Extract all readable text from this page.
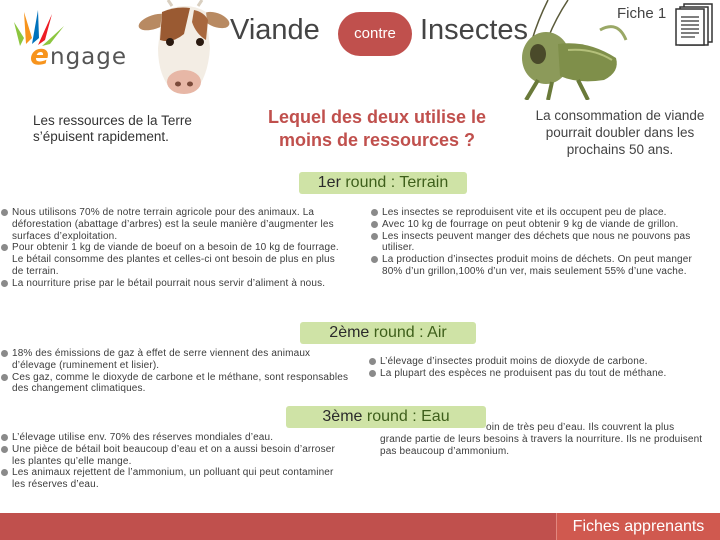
engage
Viande	contre Insectes
Fiche 1
Les ressources de la Terre s’épuisent rapidement.
Lequel des deux utilise le moins de ressources ?
La consommation de viande pourrait doubler dans les prochains 50 ans.
1er round : Terrain
Nous utilisons 70% de notre terrain agricole pour des animaux. La déforestation (abattage d’arbres) est la seule manière d’augmenter les surfaces d’exploitation.
Pour obtenir 1 kg de viande de boeuf on a besoin de 10 kg de fourrage. Le bétail consomme des plantes et celles-ci ont besoin de plus en plus de terrain.
La nourriture prise par le bétail pourrait nous servir d’aliment à nous.
Les insectes se reproduisent vite et ils occupent peu de place.
Avec 10 kg de fourrage on peut obtenir 9 kg de viande de grillon.
Les insects peuvent manger des déchets que nous ne pouvons pas utiliser.
La production d’insectes produit moins de déchets. On peut manger 80% d’un grillon,100% d’un ver, mais seulement 55% d’une vache.
2ème round : Air
18% des émissions de gaz à effet de serre viennent des animaux d’élevage (ruminement et lisier).
Ces gaz, comme le dioxyde de carbone et le méthane, sont responsables des changement climatiques.
L’élevage d’insectes produit moins de dioxyde de carbone.
La plupart des espèces ne produisent pas du tout de méthane.
oin de très peu d’eau. Ils couvrent la plus
grande partie de leurs besoins à travers la nourriture. Ils ne produisent pas beaucoup d’ammonium.
3ème round : Eau
L’élevage utilise env. 70% des réserves mondiales d’eau.
Une pièce de bétail boit beaucoup d’eau et on a aussi besoin d’arroser les plantes qu’elle mange.
Les animaux rejettent de l’ammonium, un polluant qui peut contaminer les réserves d’eau.
Fiches apprenants
